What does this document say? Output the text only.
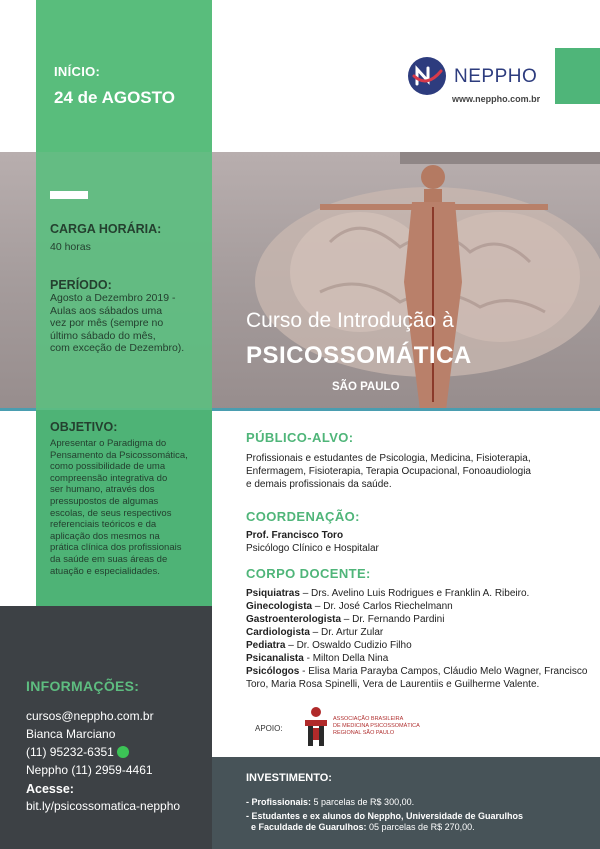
INÍCIO:
24 de AGOSTO
NEPPHO
www.neppho.com.br
CARGA HORÁRIA:
40 horas
PERÍODO:
Agosto a Dezembro 2019 -
Aulas aos sábados uma
vez por mês (sempre no
último sábado do mês,
com exceção de Dezembro).
OBJETIVO:
Apresentar o Paradigma do
Pensamento da Psicossomática,
como possibilidade de uma
compreensão integrativa do
ser humano, através dos
pressupostos de algumas
escolas, de seus respectivos
referenciais teóricos e da
aplicação dos mesmos na
prática clínica dos profissionais
da saúde em suas áreas de
atuação e especialidades.
Curso de Introdução à
PSICOSSOMÁTICA
SÃO PAULO
PÚBLICO-ALVO:
Profissionais e estudantes de Psicologia, Medicina, Fisioterapia,
Enfermagem, Fisioterapia, Terapia Ocupacional, Fonoaudiologia
e demais profissionais da saúde.
COORDENAÇÃO:
Prof. Francisco Toro
Psicólogo Clínico e Hospitalar
CORPO DOCENTE:
Psiquiatras – Drs. Avelino Luis Rodrigues e Franklin A. Ribeiro.
Ginecologista – Dr. José Carlos Riechelmann
Gastroenterologista – Dr. Fernando Pardini
Cardiologista – Dr. Artur Zular
Pediatra – Dr. Oswaldo Cudizio Filho
Psicanalista - Milton Della Nina
Psicólogos - Elisa Maria Parayba Campos, Cláudio Melo Wagner, Francisco Toro, Maria Rosa Spinelli, Vera de Laurentiis e Guilherme Valente.
APOIO:
ASSOCIAÇÃO BRASILEIRA
DE MEDICINA PSICOSSOMÁTICA
REGIONAL SÃO PAULO
INFORMAÇÕES:
cursos@neppho.com.br
Bianca Marciano
(11) 95232-6351
Neppho (11) 2959-4461
Acesse:
bit.ly/psicossomatica-neppho
INVESTIMENTO:
- Profissionais: 5 parcelas de R$ 300,00.
- Estudantes e ex alunos do Neppho, Universidade de Guarulhos
e Faculdade de Guarulhos: 05 parcelas de R$ 270,00.
